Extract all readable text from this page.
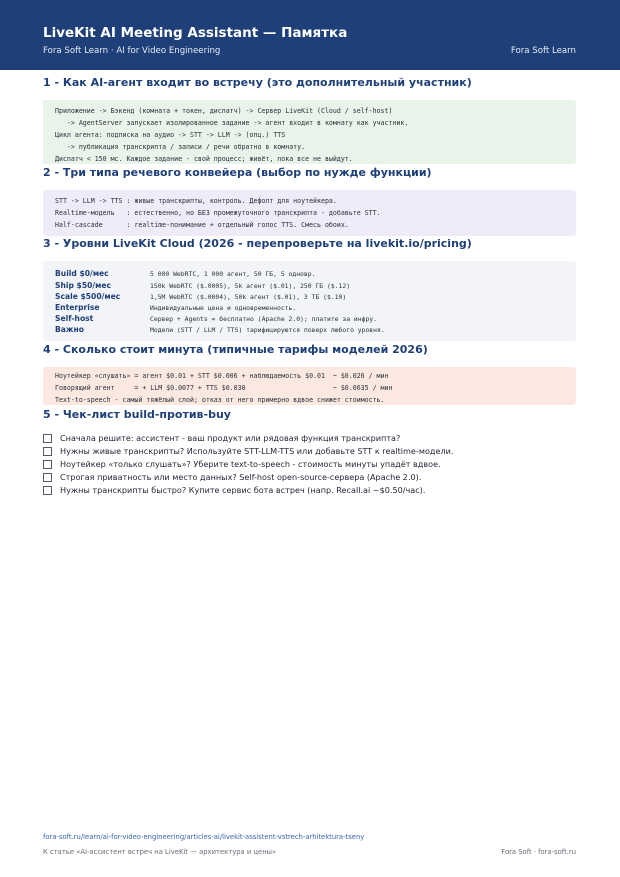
LiveKit AI Meeting Assistant — Памятка
Fora Soft Learn · AI for Video Engineering	Fora Soft Learn
1 - Как AI-агент входит во встречу (это дополнительный участник)
Приложение -> Бэкенд (комната + токен, диспатч) -> Сервер LiveKit (Cloud / self-host)
-> AgentServer запускает изолированное задание -> агент входит в комнату как участник.
Цикл агента: подписка на аудио -> STT -> LLM -> (опц.) TTS
-> публикация транскрипта / записи / речи обратно в комнату.
Диспатч < 150 мс. Каждое задание - свой процесс; живёт, пока все не выйдут.
2 - Три типа речевого конвейера (выбор по нужде функции)
STT -> LLM -> TTS : живые транскрипты, контроль. Дефолт для ноутейкера.
Realtime-модель   : естественно, но БЕЗ промежуточного транскрипта - добавьте STT.
Half-cascade      : realtime-понимание + отдельный голос TTS. Смесь обоих.
3 - Уровни LiveKit Cloud (2026 - перепроверьте на livekit.io/pricing)
Build $0/мес	5 000 WebRTC, 1 000 агент, 50 ГБ, 5 одновр.
Ship $50/мес	150k WebRTC ($.0005), 5k агент ($.01), 250 ГБ ($.12)
Scale $500/мес	1,5M WebRTC ($.0004), 50k агент ($.01), 3 ТБ ($.10)
Enterprise	Индивидуальные цена и одновременность.
Self-host	Сервер + Agents = бесплатно (Apache 2.0); платите за инфру.
Важно	Модели (STT / LLM / TTS) тарифицируются поверх любого уровня.
4 - Сколько стоит минута (типичные тарифы моделей 2026)
Ноутейкер «слушать» = агент $0.01 + STT $0.006 + наблюдаемость $0.01  ~ $0.026 / мин
Говорящий агент     = + LLM $0.0077 + TTS $0.030                      ~ $0.0635 / мин
Text-to-speech - самый тяжёлый слой; отказ от него примерно вдвое снижет стоимость.
5 - Чек-лист build-против-buy
Сначала решите: ассистент - ваш продукт или рядовая функция транскрипта?
Нужны живые транскрипты? Используйте STT-LLM-TTS или добавьте STT к realtime-модели.
Ноутейкер «только слушать»? Уберите text-to-speech - стоимость минуты упадёт вдвое.
Строгая приватность или место данных? Self-host open-source-сервера (Apache 2.0).
Нужны транскрипты быстро? Купите сервис бота встреч (напр. Recall.ai ~$0.50/час).
fora-soft.ru/learn/ai-for-video-engineering/articles-ai/livekit-assistent-vstrech-arhitektura-tseny
К статье «AI-ассистент встреч на LiveKit — архитектура и цены»	Fora Soft · fora-soft.ru
